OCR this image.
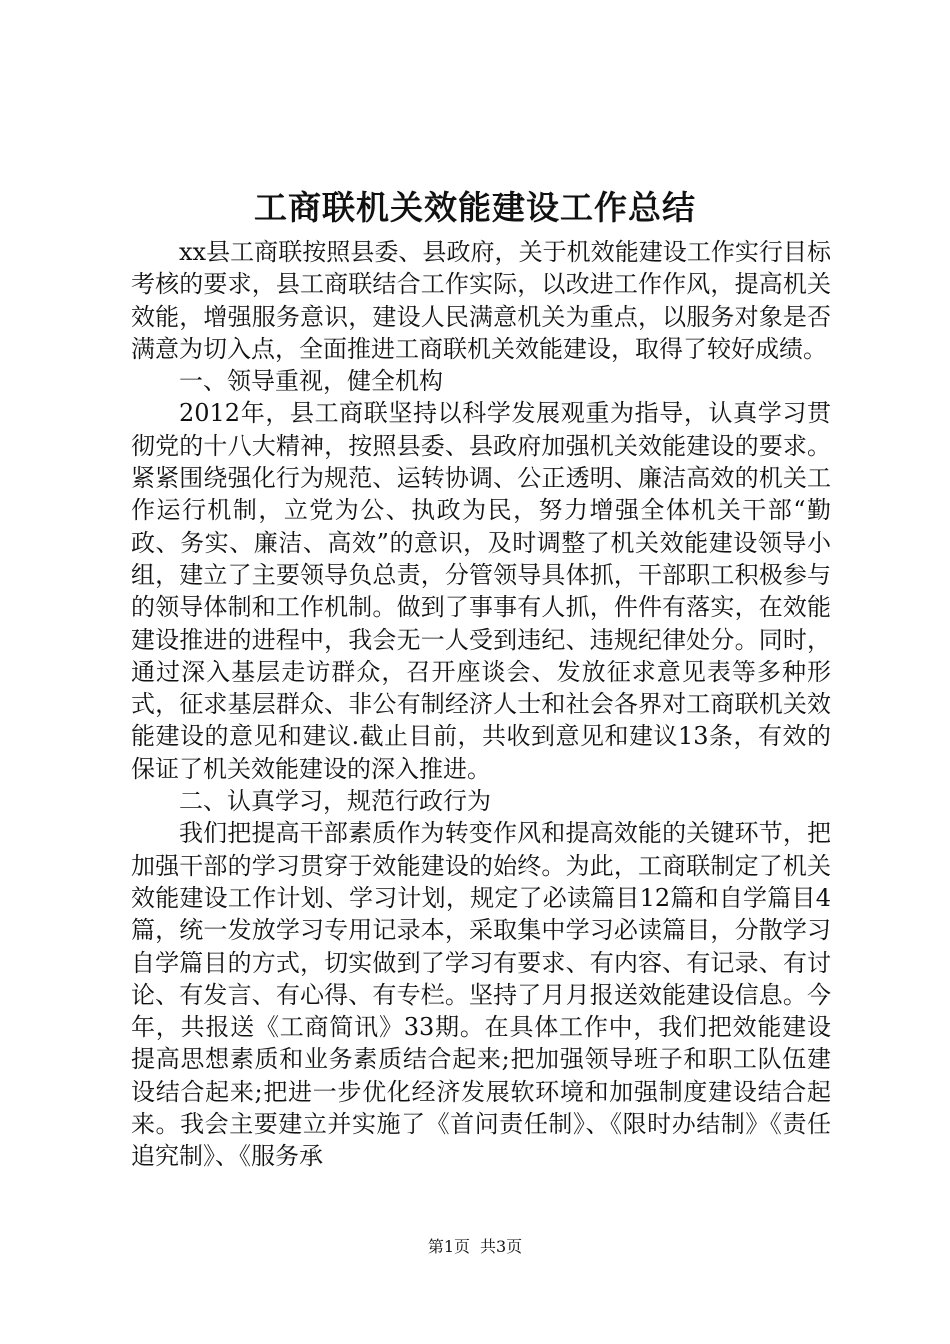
工商联机关效能建设工作总结

xx县工商联按照县委、县政府，关于机效能建设工作实行目标考核的要求，县工商联结合工作实际，以改进工作作风，提高机关效能，增强服务意识，建设人民满意机关为重点，以服务对象是否满意为切入点，全面推进工商联机关效能建设，取得了较好成绩。

一、领导重视，健全机构

2012年，县工商联坚持以科学发展观重为指导，认真学习贯彻党的十八大精神，按照县委、县政府加强机关效能建设的要求。紧紧围绕强化行为规范、运转协调、公正透明、廉洁高效的机关工作运行机制，立党为公、执政为民，努力增强全体机关干部“勤政、务实、廉洁、高效”的意识，及时调整了机关效能建设领导小组，建立了主要领导负总责，分管领导具体抓，干部职工积极参与的领导体制和工作机制。做到了事事有人抓，件件有落实，在效能建设推进的进程中，我会无一人受到违纪、违规纪律处分。同时，通过深入基层走访群众，召开座谈会、发放征求意见表等多种形式，征求基层群众、非公有制经济人士和社会各界对工商联机关效能建设的意见和建议.截止目前，共收到意见和建议13条，有效的保证了机关效能建设的深入推进。

二、认真学习，规范行政行为

我们把提高干部素质作为转变作风和提高效能的关键环节，把加强干部的学习贯穿于效能建设的始终。为此，工商联制定了机关效能建设工作计划、学习计划，规定了必读篇目12篇和自学篇目4篇，统一发放学习专用记录本，采取集中学习必读篇目，分散学习自学篇目的方式，切实做到了学习有要求、有内容、有记录、有讨论、有发言、有心得、有专栏。坚持了月月报送效能建设信息。今年，共报送《工商简讯》33期。在具体工作中，我们把效能建设提高思想素质和业务素质结合起来;把加强领导班子和职工队伍建设结合起来;把进一步优化经济发展软环境和加强制度建设结合起来。我会主要建立并实施了《首问责任制》、《限时办结制》《责任追究制》、《服务承

第1页 共3页
